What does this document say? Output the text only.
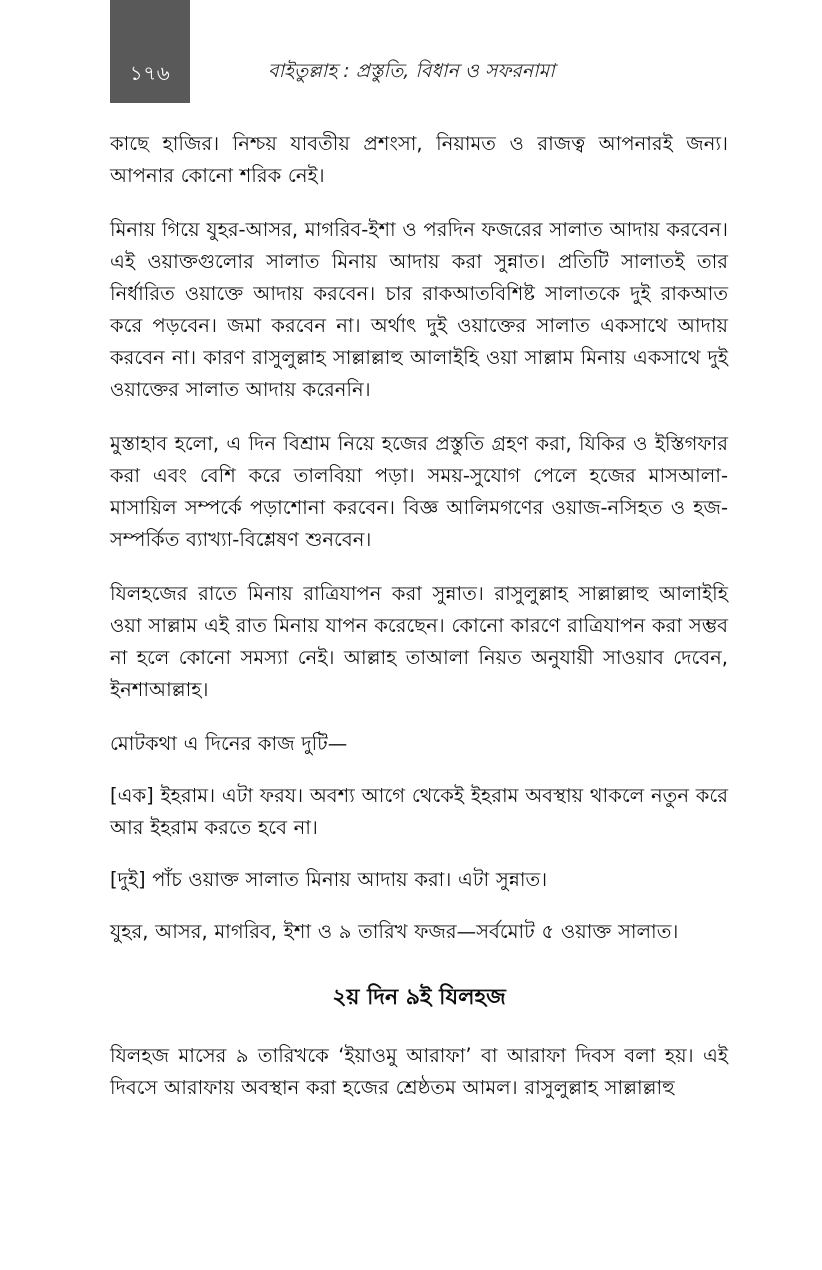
১৭৬	বাইতুল্লাহ : প্রস্তুতি, বিধান ও সফরনামা

কাছে হাজির। নিশ্চয় যাবতীয় প্রশংসা, নিয়ামত ও রাজত্ব আপনারই জন্য। আপনার কোনো শরিক নেই।

মিনায় গিয়ে যুহর-আসর, মাগরিব-ইশা ও পরদিন ফজরের সালাত আদায় করবেন। এই ওয়াক্তগুলোর সালাত মিনায় আদায় করা সুন্নাত। প্রতিটি সালাতই তার নির্ধারিত ওয়াক্তে আদায় করবেন। চার রাকআতবিশিষ্ট সালাতকে দুই রাকআত করে পড়বেন। জমা করবেন না। অর্থাৎ দুই ওয়াক্তের সালাত একসাথে আদায় করবেন না। কারণ রাসুলুল্লাহ সাল্লাল্লাহু আলাইহি ওয়া সাল্লাম মিনায় একসাথে দুই ওয়াক্তের সালাত আদায় করেননি।

মুস্তাহাব হলো, এ দিন বিশ্রাম নিয়ে হজের প্রস্তুতি গ্রহণ করা, যিকির ও ইস্তিগফার করা এবং বেশি করে তালবিয়া পড়া। সময়-সুযোগ পেলে হজের মাসআলা-মাসায়িল সম্পর্কে পড়াশোনা করবেন। বিজ্ঞ আলিমগণের ওয়াজ-নসিহত ও হজ-সম্পর্কিত ব্যাখ্যা-বিশ্লেষণ শুনবেন।

যিলহজের রাতে মিনায় রাত্রিযাপন করা সুন্নাত। রাসুলুল্লাহ সাল্লাল্লাহু আলাইহি ওয়া সাল্লাম এই রাত মিনায় যাপন করেছেন। কোনো কারণে রাত্রিযাপন করা সম্ভব না হলে কোনো সমস্যা নেই। আল্লাহ তাআলা নিয়ত অনুযায়ী সাওয়াব দেবেন, ইনশাআল্লাহ।

মোটকথা এ দিনের কাজ দুটি—

[এক] ইহরাম। এটা ফরয। অবশ্য আগে থেকেই ইহরাম অবস্থায় থাকলে নতুন করে আর ইহরাম করতে হবে না।

[দুই] পাঁচ ওয়াক্ত সালাত মিনায় আদায় করা। এটা সুন্নাত।

যুহর, আসর, মাগরিব, ইশা ও ৯ তারিখ ফজর—সর্বমোট ৫ ওয়াক্ত সালাত।

২য় দিন ৯ই যিলহজ

যিলহজ মাসের ৯ তারিখকে ‘ইয়াওমু আরাফা’ বা আরাফা দিবস বলা হয়। এই দিবসে আরাফায় অবস্থান করা হজের শ্রেষ্ঠতম আমল। রাসুলুল্লাহ সাল্লাল্লাহু
